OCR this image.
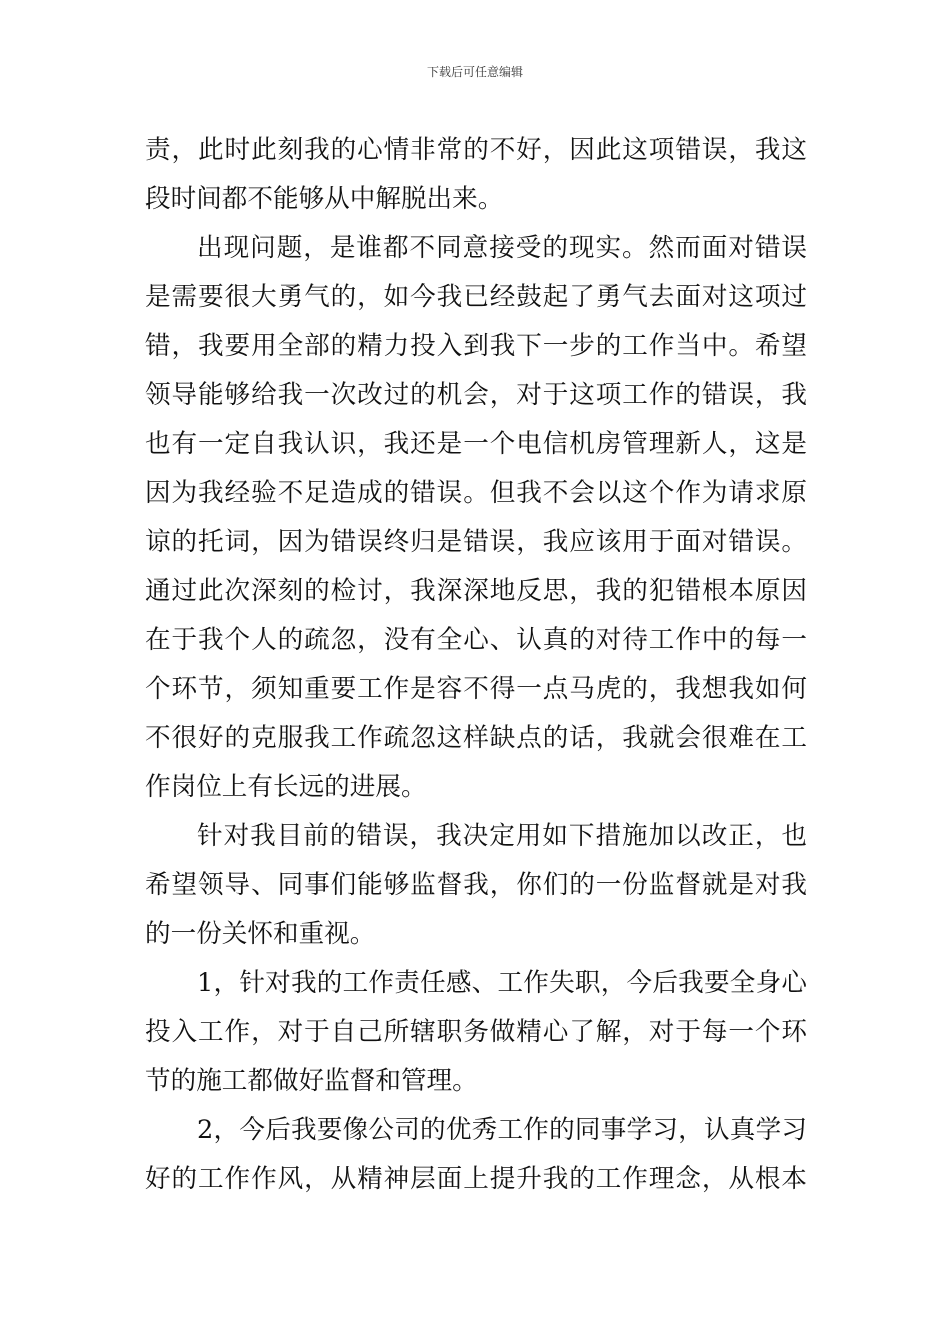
下载后可任意编辑
责，此时此刻我的心情非常的不好，因此这项错误，我这
段时间都不能够从中解脱出来。
出现问题，是谁都不同意接受的现实。然而面对错误
是需要很大勇气的，如今我已经鼓起了勇气去面对这项过
错，我要用全部的精力投入到我下一步的工作当中。希望
领导能够给我一次改过的机会，对于这项工作的错误，我
也有一定自我认识，我还是一个电信机房管理新人，这是
因为我经验不足造成的错误。但我不会以这个作为请求原
谅的托词，因为错误终归是错误，我应该用于面对错误。
通过此次深刻的检讨，我深深地反思，我的犯错根本原因
在于我个人的疏忽，没有全心、认真的对待工作中的每一
个环节，须知重要工作是容不得一点马虎的，我想我如何
不很好的克服我工作疏忽这样缺点的话，我就会很难在工
作岗位上有长远的进展。
针对我目前的错误，我决定用如下措施加以改正，也
希望领导、同事们能够监督我，你们的一份监督就是对我
的一份关怀和重视。
1，针对我的工作责任感、工作失职，今后我要全身心
投入工作，对于自己所辖职务做精心了解，对于每一个环
节的施工都做好监督和管理。
2，今后我要像公司的优秀工作的同事学习，认真学习
好的工作作风，从精神层面上提升我的工作理念，从根本
